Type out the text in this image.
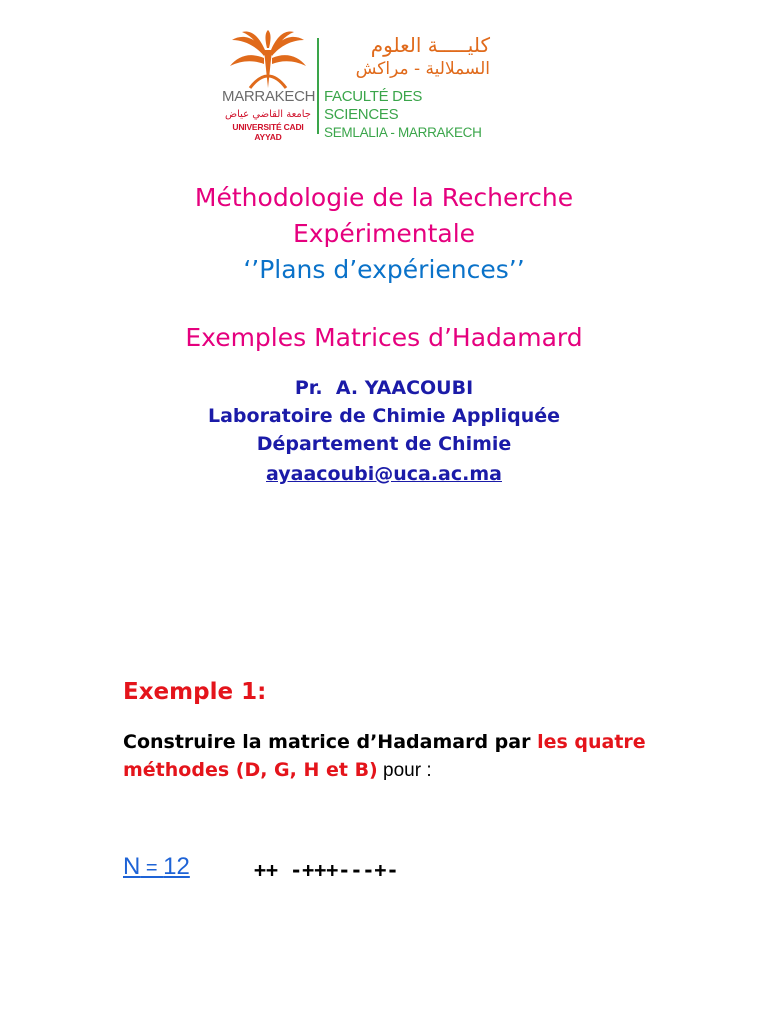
MARRAKECH
جامعة القاضي عياض
UNIVERSITÉ CADI AYYAD
كليـــــة العلوم
السملالية - مراكش
FACULTÉ DES SCIENCES
SEMLALIA - MARRAKECH
Méthodologie de la Recherche
Expérimentale
‘’Plans d’expériences’’
Exemples Matrices d’Hadamard
Pr.  A. YAACOUBI
Laboratoire de Chimie Appliquée
Département de Chimie
ayaacoubi@uca.ac.ma
Exemple 1:
Construire la matrice d’Hadamard par les quatre méthodes (D, G, H et B) pour :
N = 12	++ -+++---+-
